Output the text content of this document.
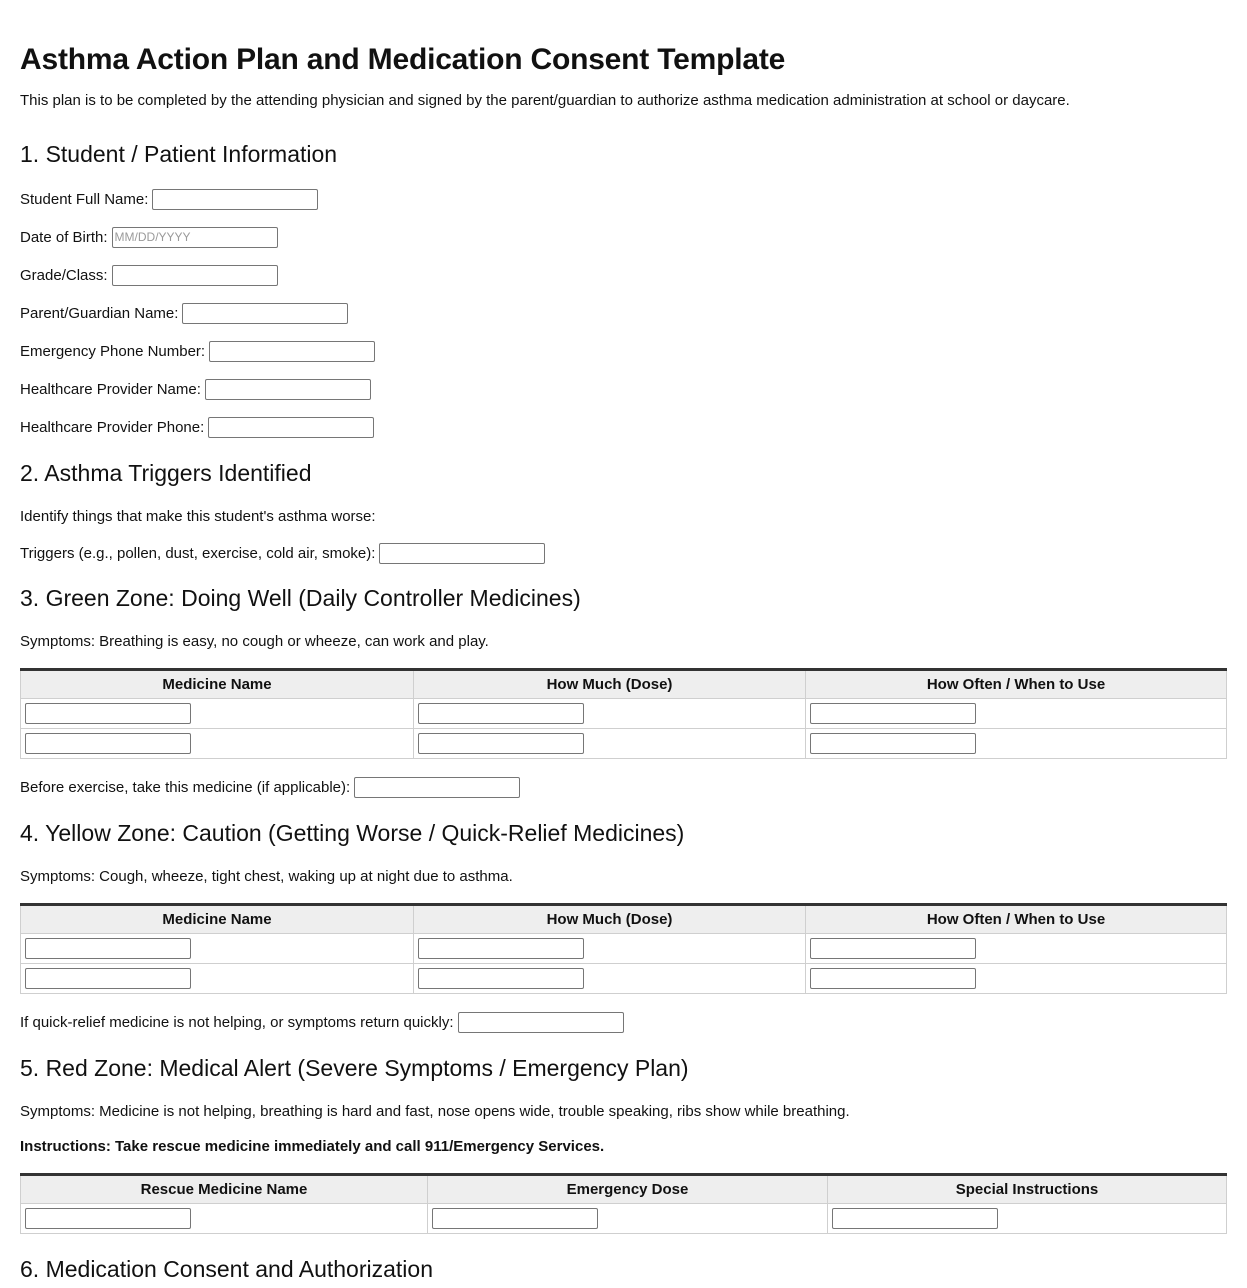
Asthma Action Plan and Medication Consent Template

This plan is to be completed by the attending physician and signed by the parent/guardian to authorize asthma medication administration at school or daycare.

1. Student / Patient Information
Student Full Name:
Date of Birth:
MM/DD/YYYY
Grade/Class:
Parent/Guardian Name:
Emergency Phone Number:
Healthcare Provider Name:
Healthcare Provider Phone:
2. Asthma Triggers Identified

Identify things that make this student's asthma worse:

Triggers (e.g., pollen, dust, exercise, cold air, smoke):
3. Green Zone: Doing Well (Daily Controller Medicines)

Symptoms: Breathing is easy, no cough or wheeze, can work and play.

Medicine Name	How Much (Dose)	How Often / When to Use

Before exercise, take this medicine (if applicable):
4. Yellow Zone: Caution (Getting Worse / Quick-Relief Medicines)

Symptoms: Cough, wheeze, tight chest, waking up at night due to asthma.

Medicine Name	How Much (Dose)	How Often / When to Use

If quick-relief medicine is not helping, or symptoms return quickly:
5. Red Zone: Medical Alert (Severe Symptoms / Emergency Plan)

Symptoms: Medicine is not helping, breathing is hard and fast, nose opens wide, trouble speaking, ribs show while breathing.

Instructions: Take rescue medicine immediately and call 911/Emergency Services.

Rescue Medicine Name	Emergency Dose	Special Instructions

6. Medication Consent and Authorization
